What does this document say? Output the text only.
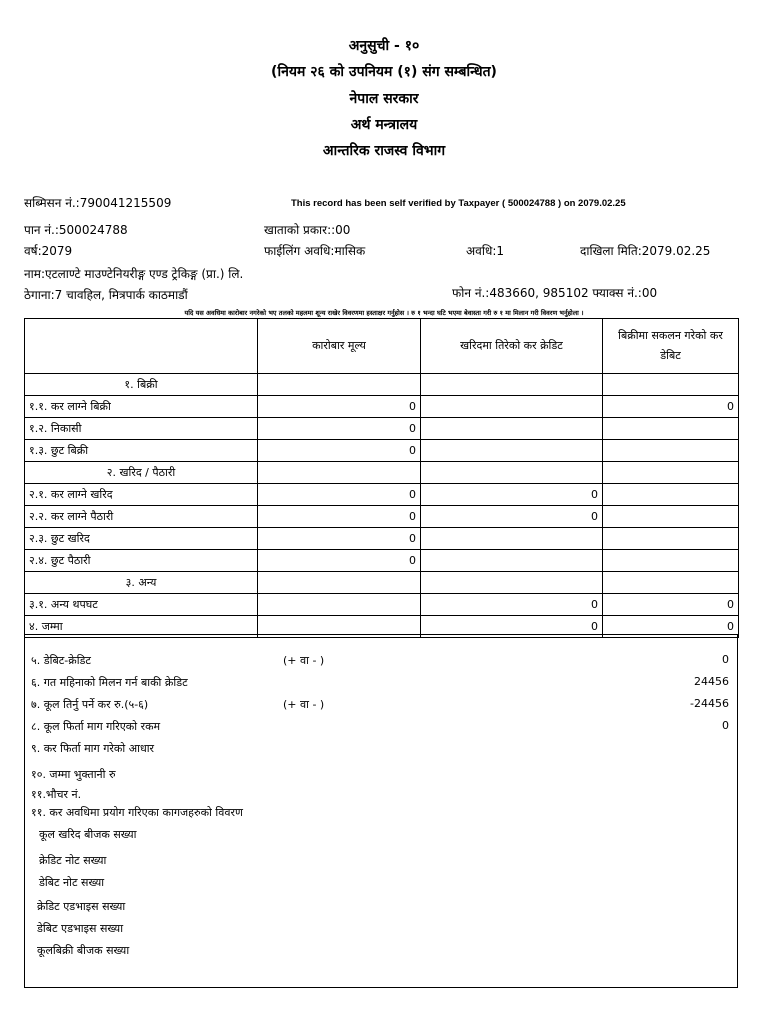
अनुसुची - १०
(नियम २६ को उपनियम (१) संग सम्बन्धित)
नेपाल सरकार
अर्थ मन्त्रालय
आन्तरिक राजस्व विभाग
सब्मिसन नं.:790041215509	This record has been self verified by Taxpayer ( 500024788 ) on 2079.02.25
पान नं.:500024788	खाताको प्रकार::00
वर्ष:2079	फाईलिंग अवधि:मासिक	अवधि:1	दाखिला मिति:2079.02.25
नाम:एटलाण्टे माउण्टेनियरीङ्ग एण्ड ट्रेकिङ्ग (प्रा.) लि.
ठेगाना:7 चावहिल, मित्रपार्क काठमाडौं	फोन नं.:483660, 985102 फ्याक्स नं.:00
यदि यस अवधिमा कारोबार नगरेको भए तलको महलमा शून्य राखेर विवरणमा हस्ताक्षर गर्नुहोस । रु १ भन्दा घटि भएमा बेवास्ता गरी रु १ मा मिलान गरी विवरण भर्नुहोला ।
	कारोबार मूल्य	खरिदमा तिरेको कर क्रेडिट	बिक्रीमा सकलन गरेको कर डेबिट
१. बिक्री			
१.१. कर लाग्ने बिक्री	0		0
१.२. निकासी	0		
१.३. छुट बिक्री	0		
२. खरिद / पैठारी			
२.१. कर लाग्ने खरिद	0	0	
२.२. कर लाग्ने पैठारी	0	0	
२.३. छुट खरिद	0		
२.४. छुट पैठारी	0		
३. अन्य			
३.१. अन्य थपघट		0	0
४. जम्मा		0	0
५. डेबिट-क्रेडिट	(+ वा - )	0
६. गत महिनाको मिलन गर्न बाकी क्रेडिट	24456
७. कूल तिर्नु पर्ने कर रु.(५-६)	(+ वा - )	-24456
८. कूल फिर्ता माग गरिएको रकम	0
९. कर फिर्ता माग गरेको आधार
१०. जम्मा भुक्तानी रु
११.भौचर नं.
११. कर अवधिमा प्रयोग गरिएका कागजहरुको विवरण
कूल खरिद बीजक सख्या
क्रेडिट नोट सख्या
डेबिट नोट सख्या
क्रेडिट एडभाइस सख्या
डेबिट एडभाइस सख्या
कूलबिक्री बीजक सख्या
